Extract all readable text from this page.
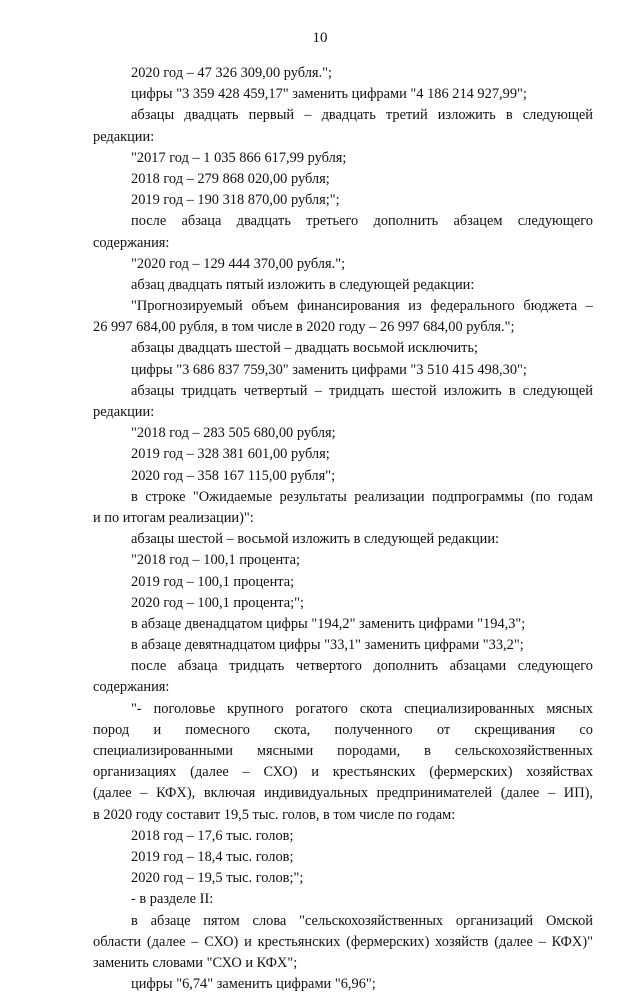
10
2020 год – 47 326 309,00 рубля.";
цифры "3 359 428 459,17" заменить цифрами "4 186 214 927,99";
абзацы двадцать первый – двадцать третий изложить в следующей
редакции:
"2017 год – 1 035 866 617,99 рубля;
2018 год – 279 868 020,00 рубля;
2019 год – 190 318 870,00 рубля;";
после абзаца двадцать третьего дополнить абзацем следующего
содержания:
"2020 год – 129 444 370,00 рубля.";
абзац двадцать пятый изложить в следующей редакции:
"Прогнозируемый объем финансирования из федерального бюджета –
26 997 684,00 рубля, в том числе в 2020 году – 26 997 684,00 рубля.";
абзацы двадцать шестой – двадцать восьмой исключить;
цифры "3 686 837 759,30" заменить цифрами "3 510 415 498,30";
абзацы тридцать четвертый – тридцать шестой изложить в следующей
редакции:
"2018 год – 283 505 680,00 рубля;
2019 год – 328 381 601,00 рубля;
2020 год – 358 167 115,00 рубля";
в строке "Ожидаемые результаты реализации подпрограммы (по годам
и по итогам реализации)":
абзацы шестой – восьмой изложить в следующей редакции:
"2018 год – 100,1 процента;
2019 год – 100,1 процента;
2020 год – 100,1 процента;";
в абзаце двенадцатом цифры "194,2" заменить цифрами "194,3";
в абзаце девятнадцатом цифры "33,1" заменить цифрами "33,2";
после абзаца тридцать четвертого дополнить абзацами следующего
содержания:
"- поголовье крупного рогатого скота специализированных мясных
пород и помесного скота, полученного от скрещивания со
специализированными мясными породами, в сельскохозяйственных
организациях (далее – СХО) и крестьянских (фермерских) хозяйствах
(далее – КФХ), включая индивидуальных предпринимателей (далее – ИП),
в 2020 году составит 19,5 тыс. голов, в том числе по годам:
2018 год – 17,6 тыс. голов;
2019 год – 18,4 тыс. голов;
2020 год – 19,5 тыс. голов;";
- в разделе II:
в абзаце пятом слова "сельскохозяйственных организаций Омской
области (далее – СХО) и крестьянских (фермерских) хозяйств (далее – КФХ)"
заменить словами "СХО и КФХ";
цифры "6,74" заменить цифрами "6,96";
